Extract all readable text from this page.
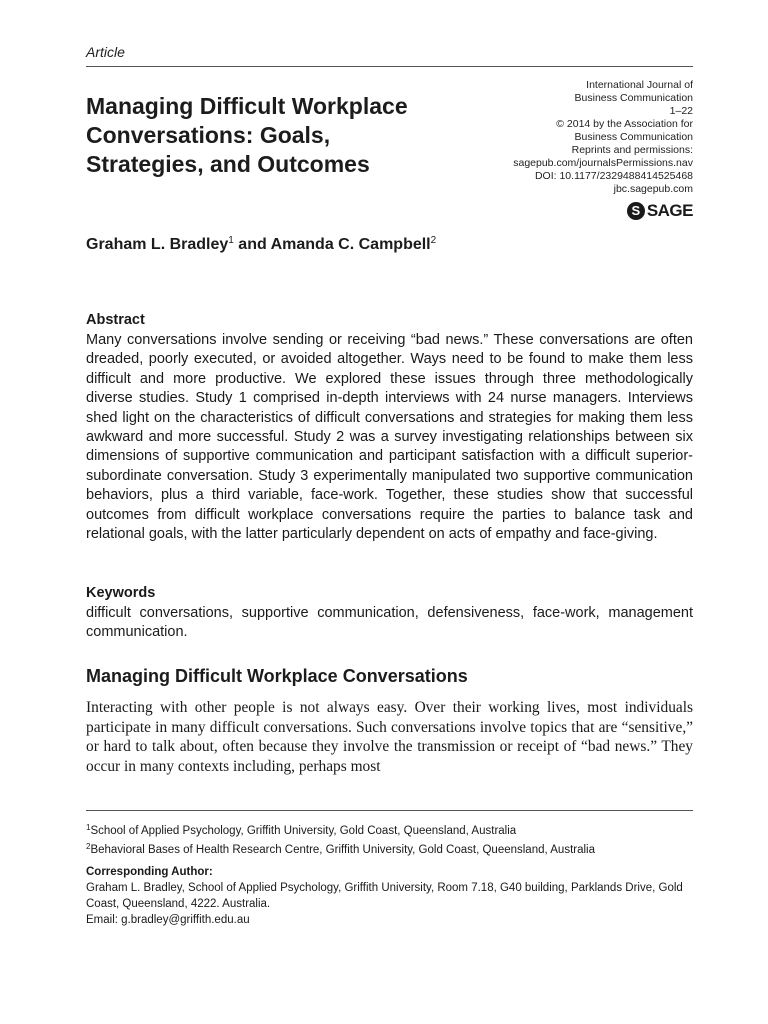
Article
Managing Difficult Workplace
Conversations: Goals,
Strategies, and Outcomes
International Journal of
Business Communication
1–22
© 2014 by the Association for
Business Communication
Reprints and permissions:
sagepub.com/journalsPermissions.nav
DOI: 10.1177/2329488414525468
jbc.sagepub.com
S SAGE
Graham L. Bradley$^1$ and Amanda C. Campbell$^2$
Abstract

Many conversations involve sending or receiving “bad news.” These conversations are often dreaded, poorly executed, or avoided altogether. Ways need to be found to make them less difficult and more productive. We explored these issues through three methodologically diverse studies. Study 1 comprised in-depth interviews with 24 nurse managers. Interviews shed light on the characteristics of difficult conversations and strategies for making them less awkward and more successful. Study 2 was a survey investigating relationships between six dimensions of supportive communication and participant satisfaction with a difficult superior-subordinate conversation. Study 3 experimentally manipulated two supportive communication behaviors, plus a third variable, face-work. Together, these studies show that successful outcomes from difficult workplace conversations require the parties to balance task and relational goals, with the latter particularly dependent on acts of empathy and face-giving.

Keywords

difficult conversations, supportive communication, defensiveness, face-work, management communication.

Managing Difficult Workplace Conversations

Interacting with other people is not always easy. Over their working lives, most individuals participate in many difficult conversations. Such conversations involve topics that are “sensitive,” or hard to talk about, often because they involve the transmission or receipt of “bad news.” They occur in many contexts including, perhaps most

$^1$School of Applied Psychology, Griffith University, Gold Coast, Queensland, Australia
$^2$Behavioral Bases of Health Research Centre, Griffith University, Gold Coast, Queensland, Australia
Corresponding Author:
Graham L. Bradley, School of Applied Psychology, Griffith University, Room 7.18, G40 building, Parklands Drive, Gold Coast, Queensland, 4222. Australia.
Email: g.bradley@griffith.edu.au
